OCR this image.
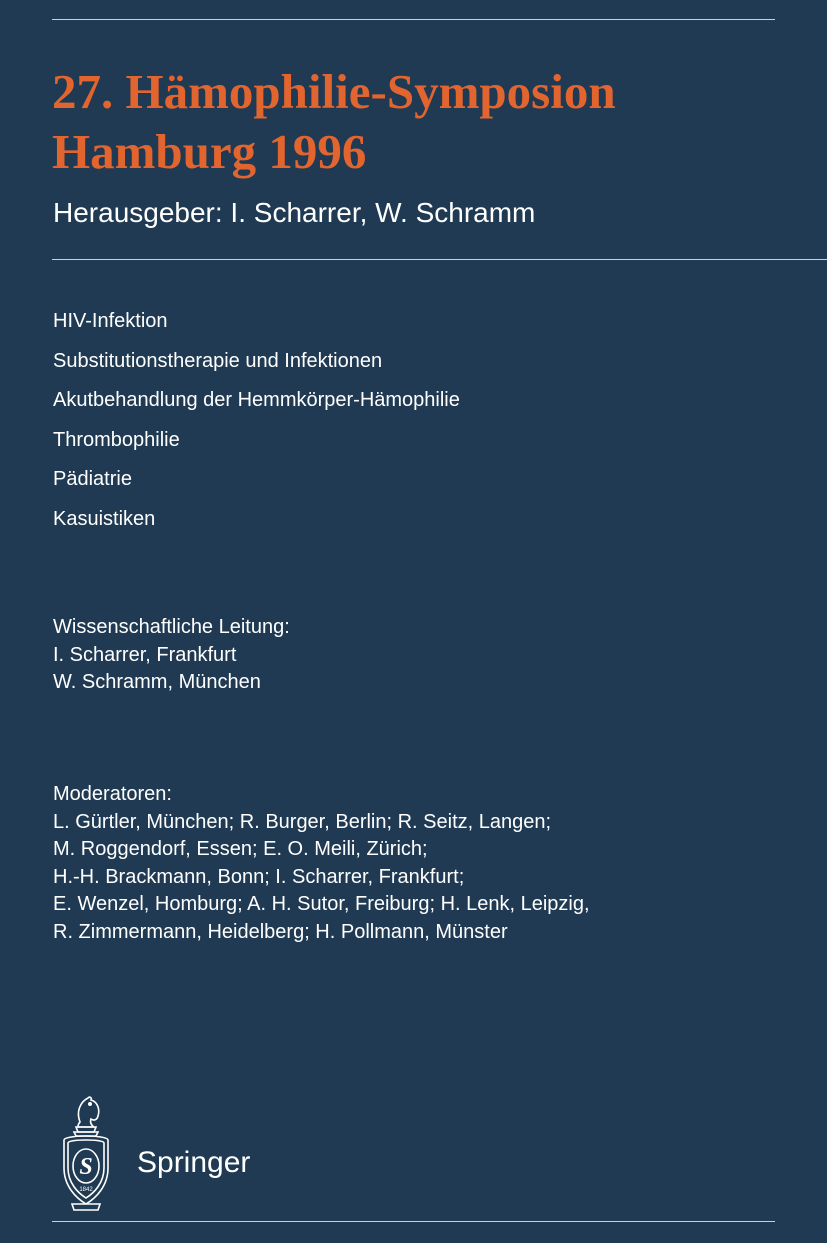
27. Hämophilie-Symposion
Hamburg 1996
Herausgeber: I. Scharrer, W. Schramm
HIV-Infektion
Substitutionstherapie und Infektionen
Akutbehandlung der Hemmkörper-Hämophilie
Thrombophilie
Pädiatrie
Kasuistiken
Wissenschaftliche Leitung:
I. Scharrer, Frankfurt
W. Schramm, München
Moderatoren:
L. Gürtler, München; R. Burger, Berlin; R. Seitz, Langen;
M. Roggendorf, Essen; E. O. Meili, Zürich;
H.-H. Brackmann, Bonn; I. Scharrer, Frankfurt;
E. Wenzel, Homburg; A. H. Sutor, Freiburg; H. Lenk, Leipzig,
R. Zimmermann, Heidelberg; H. Pollmann, Münster
S
1842
Springer
